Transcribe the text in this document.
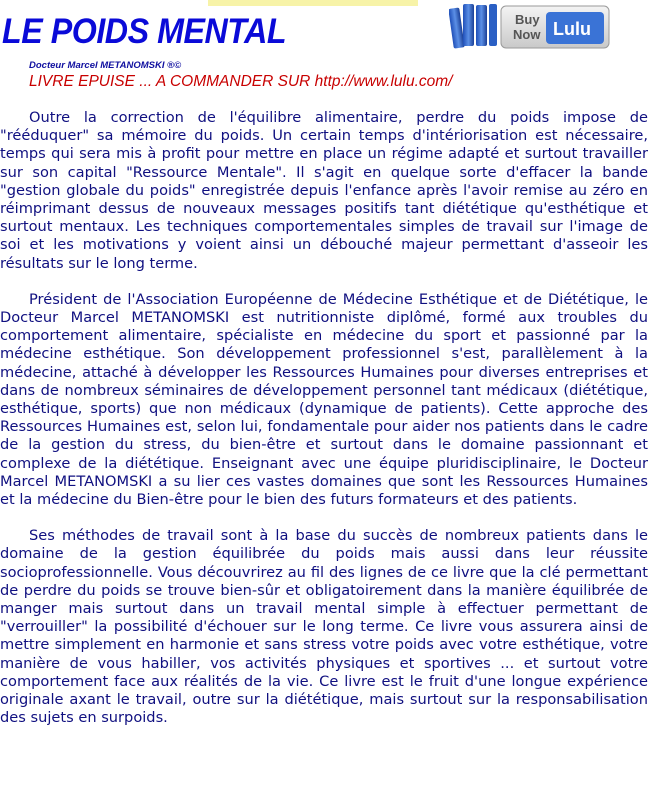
LE POIDS MENTAL	Buy
Now Lulu
Docteur Marcel METANOMSKI ®©
LIVRE EPUISE ... A COMMANDER SUR http://www.lulu.com/

Outre la correction de l'équilibre alimentaire, perdre du poids impose de "rééduquer" sa mémoire du poids. Un certain temps d'intériorisation est nécessaire, temps qui sera mis à profit pour mettre en place un régime adapté et surtout travailler sur son capital "Ressource Mentale". Il s'agit en quelque sorte d'effacer la bande "gestion globale du poids" enregistrée depuis l'enfance après l'avoir remise au zéro en réimprimant dessus de nouveaux messages positifs tant diététique qu'esthétique et surtout mentaux. Les techniques comportementales simples de travail sur l'image de soi et les motivations y voient ainsi un débouché majeur permettant d'asseoir les résultats sur le long terme.

Président de l'Association Européenne de Médecine Esthétique et de Diététique, le Docteur Marcel METANOMSKI est nutritionniste diplômé, formé aux troubles du comportement alimentaire, spécialiste en médecine du sport et passionné par la médecine esthétique. Son développement professionnel s'est, parallèlement à la médecine, attaché à développer les Ressources Humaines pour diverses entreprises et dans de nombreux séminaires de développement personnel tant médicaux (diététique, esthétique, sports) que non médicaux (dynamique de patients). Cette approche des Ressources Humaines est, selon lui, fondamentale pour aider nos patients dans le cadre de la gestion du stress, du bien-être et surtout dans le domaine passionnant et complexe de la diététique. Enseignant avec une équipe pluridisciplinaire, le Docteur Marcel METANOMSKI a su lier ces vastes domaines que sont les Ressources Humaines et la médecine du Bien-être pour le bien des futurs formateurs et des patients.

Ses méthodes de travail sont à la base du succès de nombreux patients dans le domaine de la gestion équilibrée du poids mais aussi dans leur réussite socioprofessionnelle. Vous découvrirez au fil des lignes de ce livre que la clé permettant de perdre du poids se trouve bien-sûr et obligatoirement dans la manière équilibrée de manger mais surtout dans un travail mental simple à effectuer permettant de "verrouiller" la possibilité d'échouer sur le long terme. Ce livre vous assurera ainsi de mettre simplement en harmonie et sans stress votre poids avec votre esthétique, votre manière de vous habiller, vos activités physiques et sportives ... et surtout votre comportement face aux réalités de la vie. Ce livre est le fruit d'une longue expérience originale axant le travail, outre sur la diététique, mais surtout sur la responsabilisation des sujets en surpoids.
